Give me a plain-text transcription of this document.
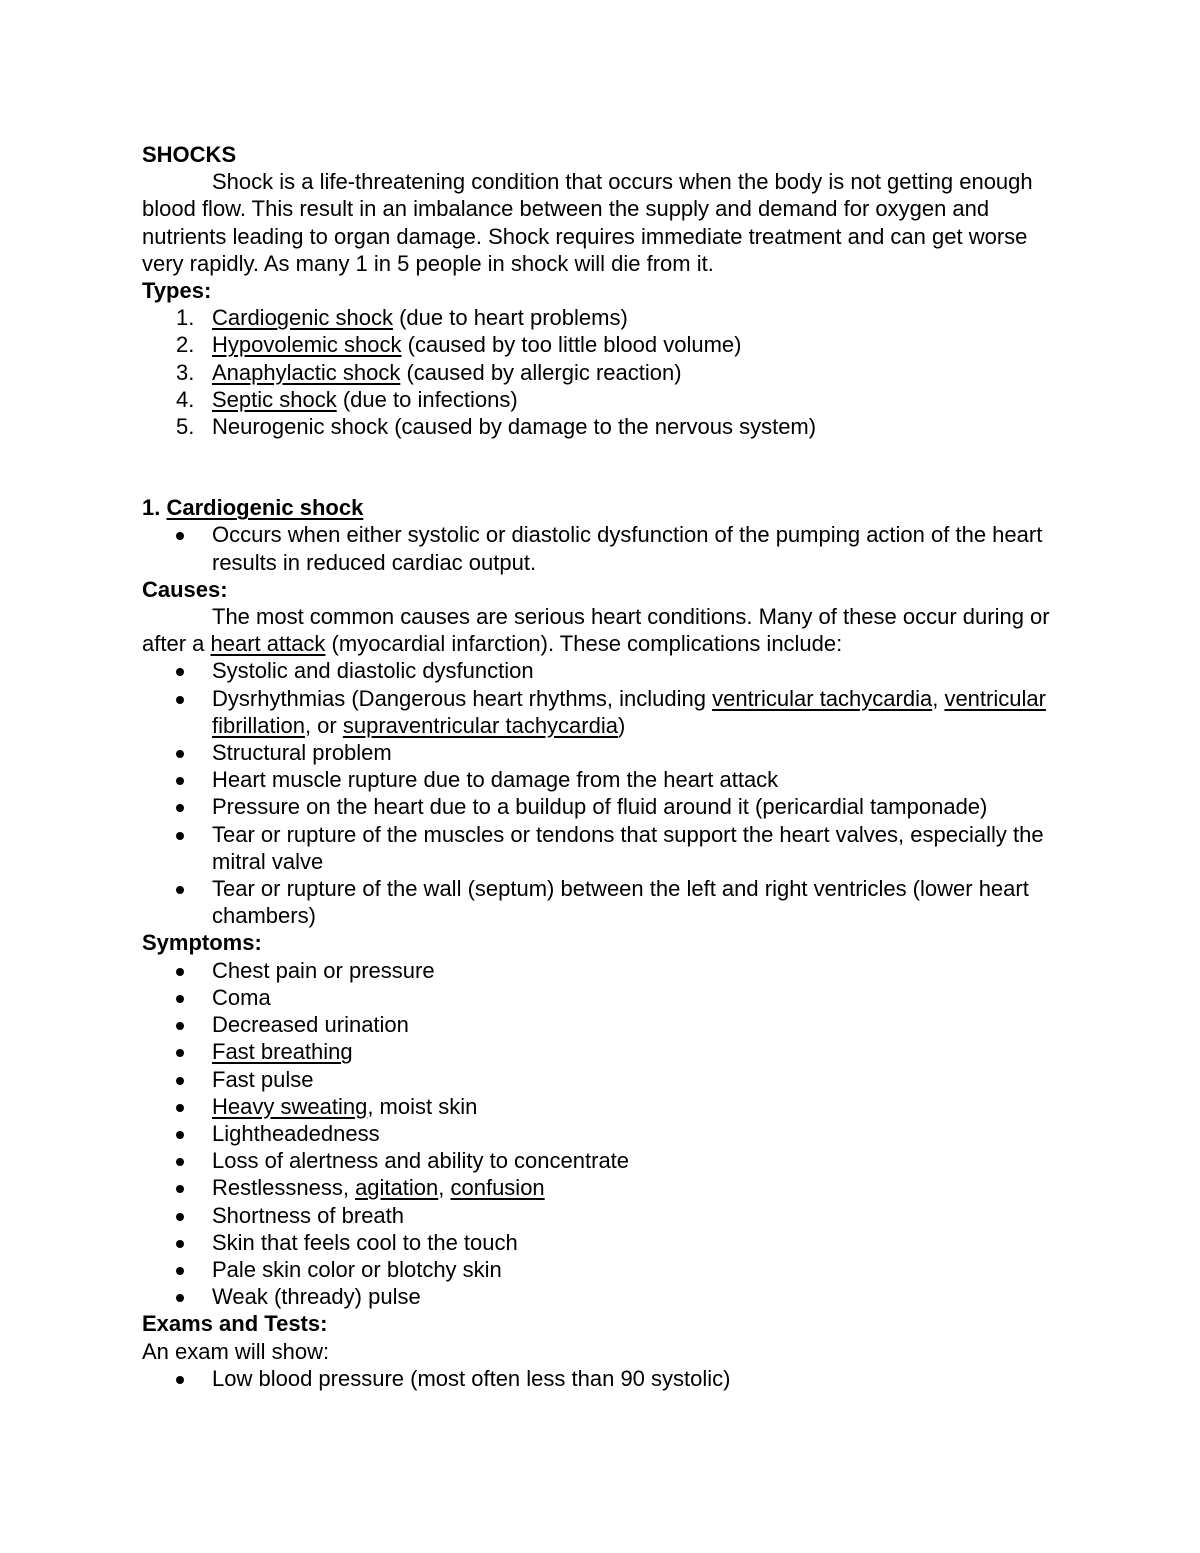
SHOCKS

Shock is a life-threatening condition that occurs when the body is not getting enough blood flow. This result in an imbalance between the supply and demand for oxygen and nutrients leading to organ damage. Shock requires immediate treatment and can get worse very rapidly. As many 1 in 5 people in shock will die from it.

Types:

1. Cardiogenic shock (due to heart problems)
2. Hypovolemic shock (caused by too little blood volume)
3. Anaphylactic shock (caused by allergic reaction)
4. Septic shock (due to infections)
5. Neurogenic shock (caused by damage to the nervous system)

1. Cardiogenic shock

Occurs when either systolic or diastolic dysfunction of the pumping action of the heart results in reduced cardiac output.

Causes:

The most common causes are serious heart conditions. Many of these occur during or after a heart attack (myocardial infarction). These complications include:

Systolic and diastolic dysfunction
Dysrhythmias (Dangerous heart rhythms, including ventricular tachycardia, ventricular fibrillation, or supraventricular tachycardia)
Structural problem
Heart muscle rupture due to damage from the heart attack
Pressure on the heart due to a buildup of fluid around it (pericardial tamponade)
Tear or rupture of the muscles or tendons that support the heart valves, especially the mitral valve
Tear or rupture of the wall (septum) between the left and right ventricles (lower heart chambers)

Symptoms:

Chest pain or pressure
Coma
Decreased urination
Fast breathing
Fast pulse
Heavy sweating, moist skin
Lightheadedness
Loss of alertness and ability to concentrate
Restlessness, agitation, confusion
Shortness of breath
Skin that feels cool to the touch
Pale skin color or blotchy skin
Weak (thready) pulse

Exams and Tests:

An exam will show:

Low blood pressure (most often less than 90 systolic)
